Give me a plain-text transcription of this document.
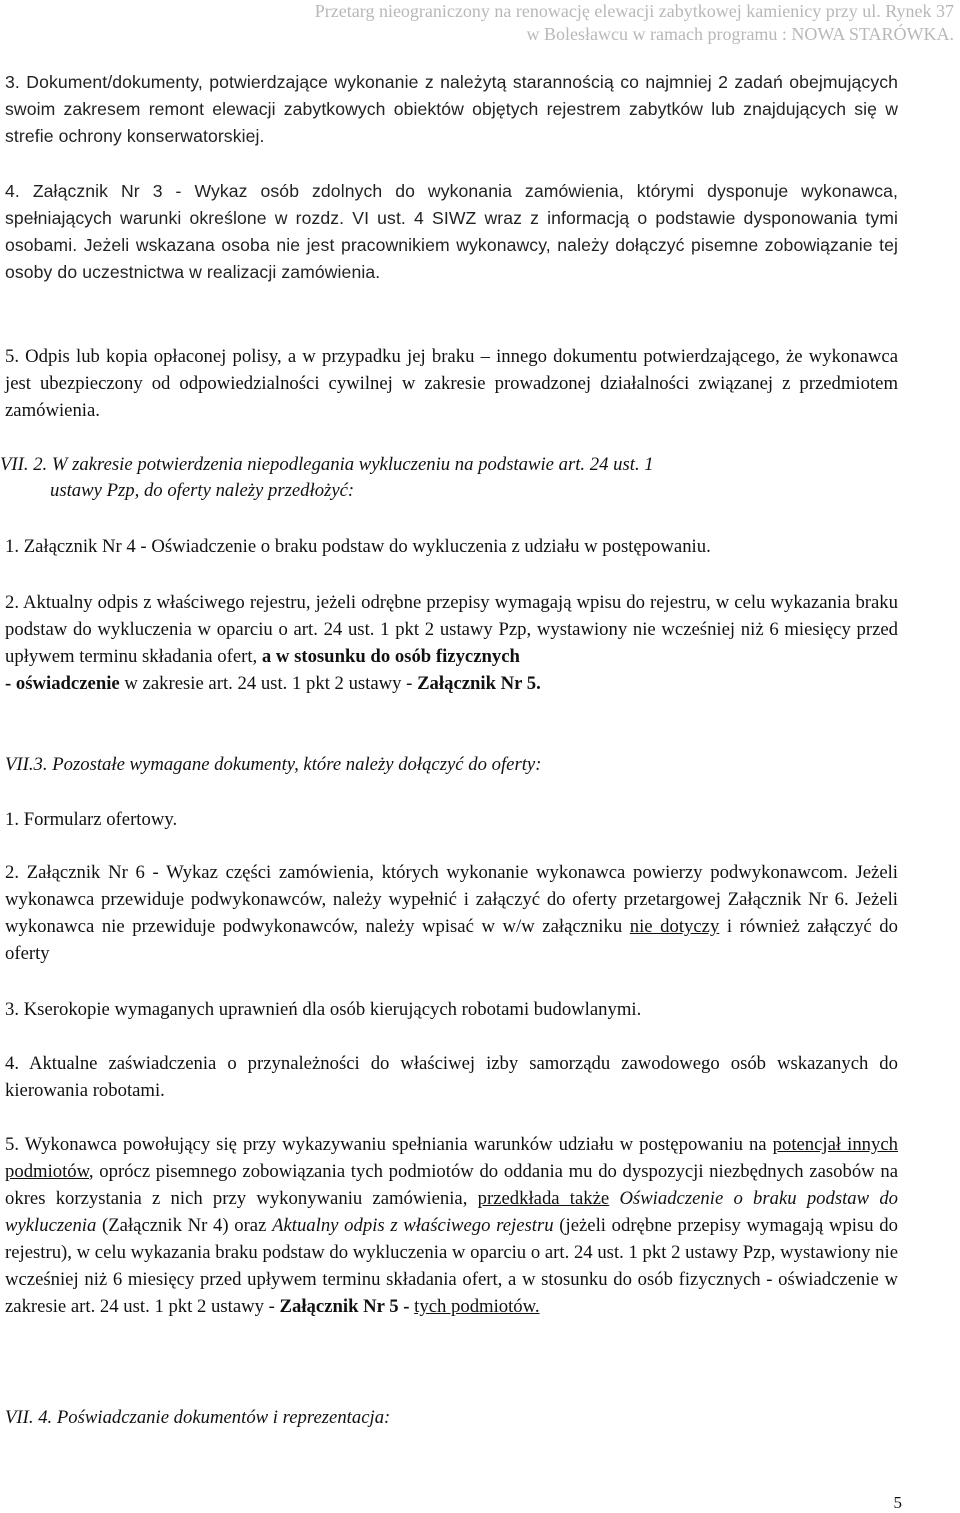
Przetarg nieograniczony na renowację elewacji zabytkowej kamienicy przy ul. Rynek 37
w Bolesławcu w ramach programu : NOWA STARÓWKA.

3. Dokument/dokumenty, potwierdzające wykonanie z należytą starannością co najmniej 2 zadań obejmujących swoim zakresem remont elewacji zabytkowych obiektów objętych rejestrem zabytków lub znajdujących się w strefie ochrony konserwatorskiej.

4. Załącznik Nr 3 - Wykaz osób zdolnych do wykonania zamówienia, którymi dysponuje wykonawca, spełniających warunki określone w rozdz. VI ust. 4 SIWZ wraz z informacją o podstawie dysponowania tymi osobami. Jeżeli wskazana osoba nie jest pracownikiem wykonawcy, należy dołączyć pisemne zobowiązanie tej osoby do uczestnictwa w realizacji zamówienia.

5. Odpis lub kopia opłaconej polisy, a w przypadku jej braku – innego dokumentu potwierdzającego, że wykonawca jest ubezpieczony od odpowiedzialności cywilnej w zakresie prowadzonej działalności związanej z przedmiotem zamówienia.

VII. 2. W zakresie potwierdzenia niepodlegania wykluczeniu na podstawie art. 24 ust. 1
ustawy Pzp, do oferty należy przedłożyć:

1. Załącznik Nr 4 - Oświadczenie o braku podstaw do wykluczenia z udziału w postępowaniu.

2. Aktualny odpis z właściwego rejestru, jeżeli odrębne przepisy wymagają wpisu do rejestru, w celu wykazania braku podstaw do wykluczenia w oparciu o art. 24 ust. 1 pkt 2 ustawy Pzp, wystawiony nie wcześniej niż 6 miesięcy przed upływem terminu składania ofert, a w stosunku do osób fizycznych
- oświadczenie w zakresie art. 24 ust. 1 pkt 2 ustawy - Załącznik Nr 5.

VII.3. Pozostałe wymagane dokumenty, które należy dołączyć do oferty:

1. Formularz ofertowy.

2. Załącznik Nr 6 - Wykaz części zamówienia, których wykonanie wykonawca powierzy podwykonawcom. Jeżeli wykonawca przewiduje podwykonawców, należy wypełnić i załączyć do oferty przetargowej Załącznik Nr 6. Jeżeli wykonawca nie przewiduje podwykonawców, należy wpisać w w/w załączniku nie dotyczy i również załączyć do oferty

3. Kserokopie wymaganych uprawnień dla osób kierujących robotami budowlanymi.

4. Aktualne zaświadczenia o przynależności do właściwej izby samorządu zawodowego osób wskazanych do kierowania robotami.

5. Wykonawca powołujący się przy wykazywaniu spełniania warunków udziału w postępowaniu na potencjał innych podmiotów, oprócz pisemnego zobowiązania tych podmiotów do oddania mu do dyspozycji niezbędnych zasobów na okres korzystania z nich przy wykonywaniu zamówienia, przedkłada także Oświadczenie o braku podstaw do wykluczenia (Załącznik Nr 4) oraz Aktualny odpis z właściwego rejestru (jeżeli odrębne przepisy wymagają wpisu do rejestru), w celu wykazania braku podstaw do wykluczenia w oparciu o art. 24 ust. 1 pkt 2 ustawy Pzp, wystawiony nie wcześniej niż 6 miesięcy przed upływem terminu składania ofert, a w stosunku do osób fizycznych - oświadczenie w zakresie art. 24 ust. 1 pkt 2 ustawy - Załącznik Nr 5 - tych podmiotów.

VII. 4. Poświadczanie dokumentów i reprezentacja:
5
